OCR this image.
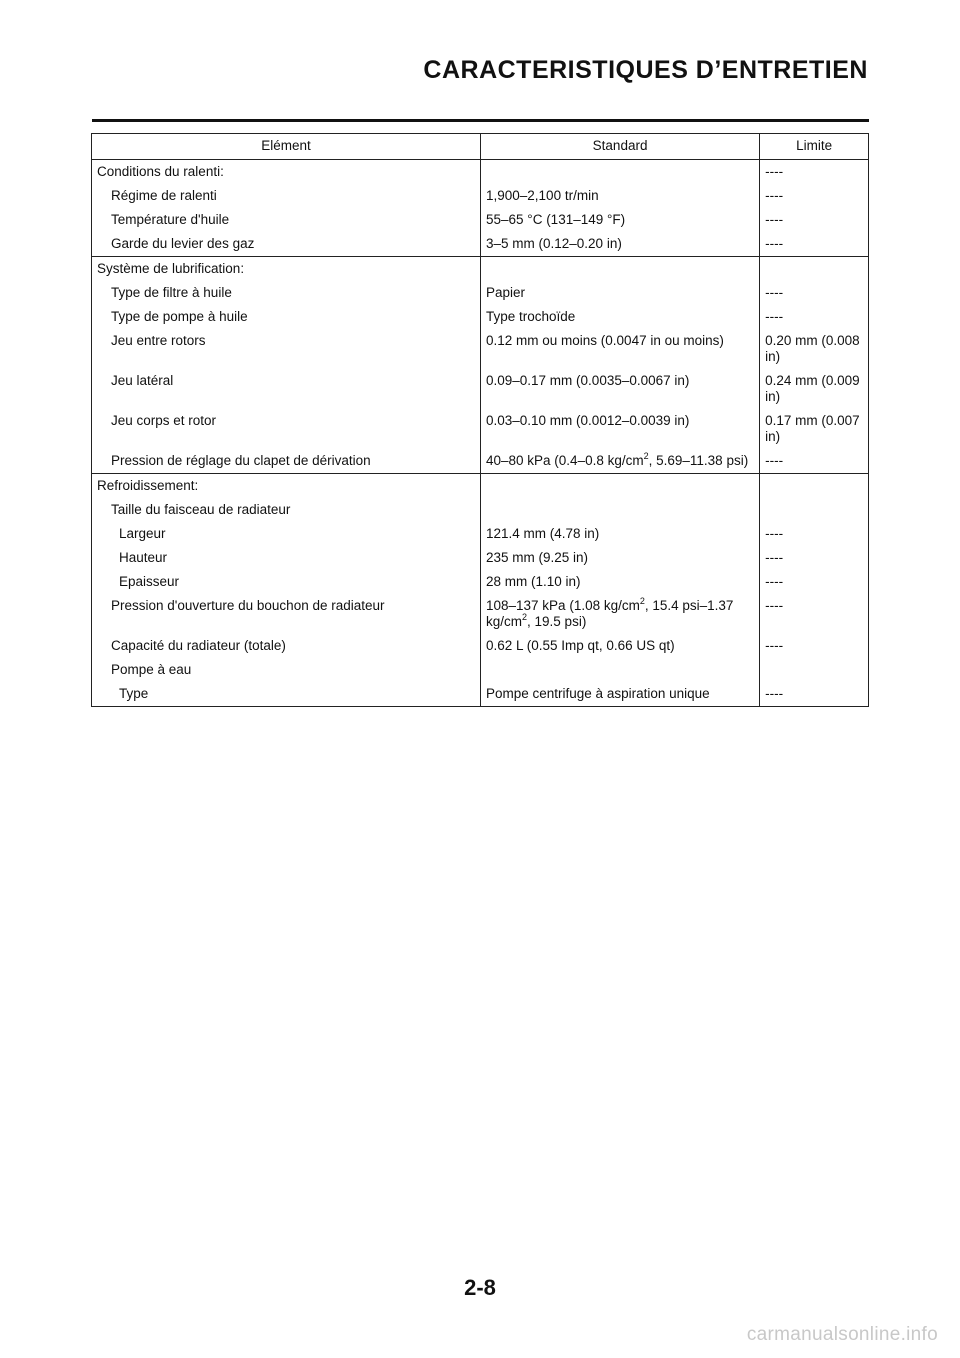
CARACTERISTIQUES D’ENTRETIEN
Elément	Standard	Limite
Conditions du ralenti:		----
Régime de ralenti	1,900–2,100 tr/min	----
Température d'huile	55–65 °C (131–149 °F)	----
Garde du levier des gaz	3–5 mm (0.12–0.20 in)	----
Système de lubrification:		
Type de filtre à huile	Papier	----
Type de pompe à huile	Type trochoïde	----
Jeu entre rotors	0.12 mm ou moins (0.0047 in ou moins)	0.20 mm (0.008 in)
Jeu latéral	0.09–0.17 mm (0.0035–0.0067 in)	0.24 mm (0.009 in)
Jeu corps et rotor	0.03–0.10 mm (0.0012–0.0039 in)	0.17 mm (0.007 in)
Pression de réglage du clapet de dérivation	40–80 kPa (0.4–0.8 $kg/cm^2$, 5.69–11.38 psi)	----
Refroidissement:		
Taille du faisceau de radiateur		
Largeur	121.4 mm (4.78 in)	----
Hauteur	235 mm (9.25 in)	----
Epaisseur	28 mm (1.10 in)	----
Pression d'ouverture du bouchon de radiateur	108–137 kPa (1.08 $kg/cm^2$, 15.4 psi–1.37 $kg/cm^2$, 19.5 psi)	----
Capacité du radiateur (totale)	0.62 L (0.55 Imp qt, 0.66 US qt)	----
Pompe à eau		
Type	Pompe centrifuge à aspiration unique	----
2-8
carmanualsonline.info
